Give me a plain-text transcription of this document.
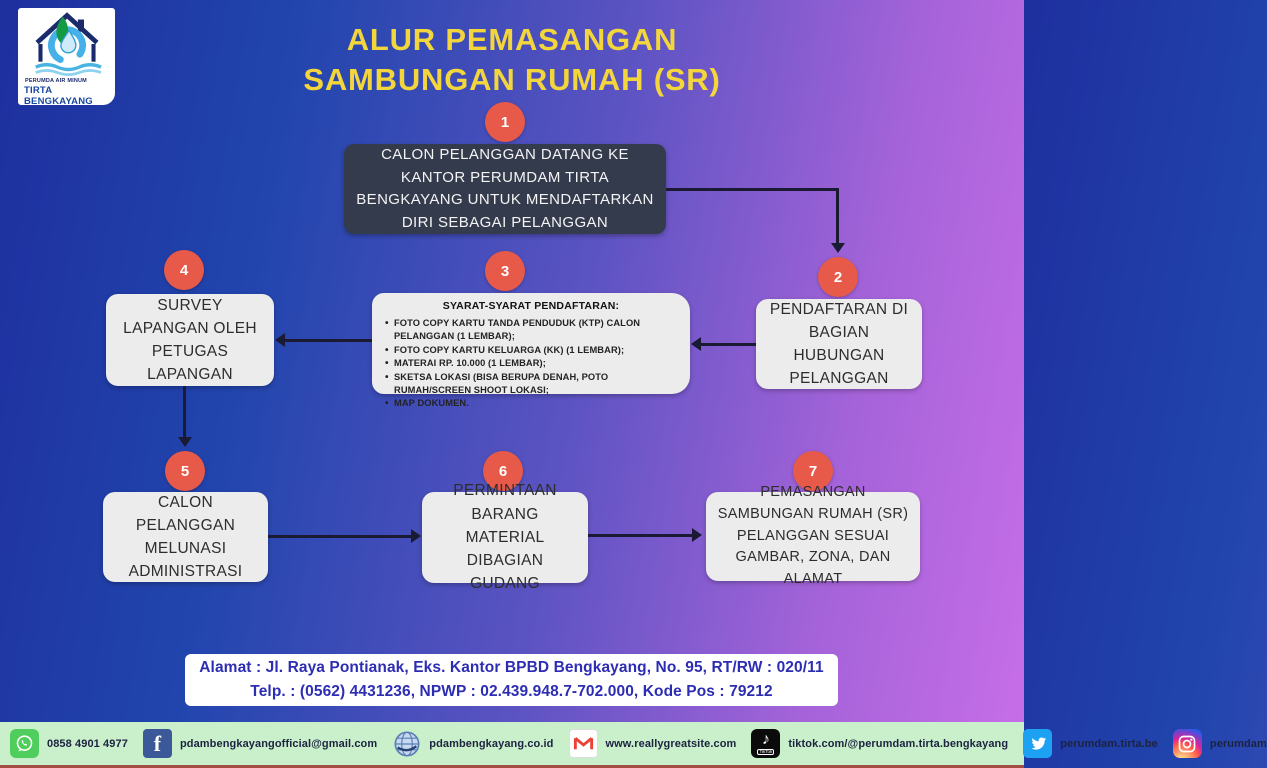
PERUMDA AIR MINUM
TIRTA BENGKAYANG
ALUR PEMASANGAN
SAMBUNGAN RUMAH (SR)
1
2
3
4
5	6	7
CALON PELANGGAN DATANG KE KANTOR PERUMDAM TIRTA BENGKAYANG UNTUK MENDAFTARKAN DIRI SEBAGAI PELANGGAN
PENDAFTARAN DI BAGIAN HUBUNGAN PELANGGAN
SYARAT-SYARAT PENDAFTARAN:
• FOTO COPY KARTU TANDA PENDUDUK (KTP) CALON PELANGGAN (1 LEMBAR);
• FOTO COPY KARTU KELUARGA (KK) (1 LEMBAR);
• MATERAI RP. 10.000 (1 LEMBAR);
• SKETSA LOKASI (BISA BERUPA DENAH, POTO RUMAH/SCREEN SHOOT LOKASI;
• MAP DOKUMEN.
SURVEY LAPANGAN OLEH PETUGAS LAPANGAN
CALON PELANGGAN MELUNASI ADMINISTRASI
PERMINTAAN BARANG MATERIAL DIBAGIAN GUDANG
PEMASANGAN SAMBUNGAN RUMAH (SR) PELANGGAN SESUAI GAMBAR, ZONA, DAN ALAMAT
Alamat : Jl. Raya Pontianak, Eks. Kantor BPBD Bengkayang, No. 95, RT/RW : 020/11
Telp. : (0562) 4431236, NPWP : 02.439.948.7-702.000, Kode Pos : 79212
0858 4901 4977	f	pdambengkayangofficial@gmail.com	pdambengkayang.co.id	www.reallygreatsite.com ♪
TikTok
tiktok.com/@perumdam.tirta.bengkayang	perumdam.tirta.be	perumdam
